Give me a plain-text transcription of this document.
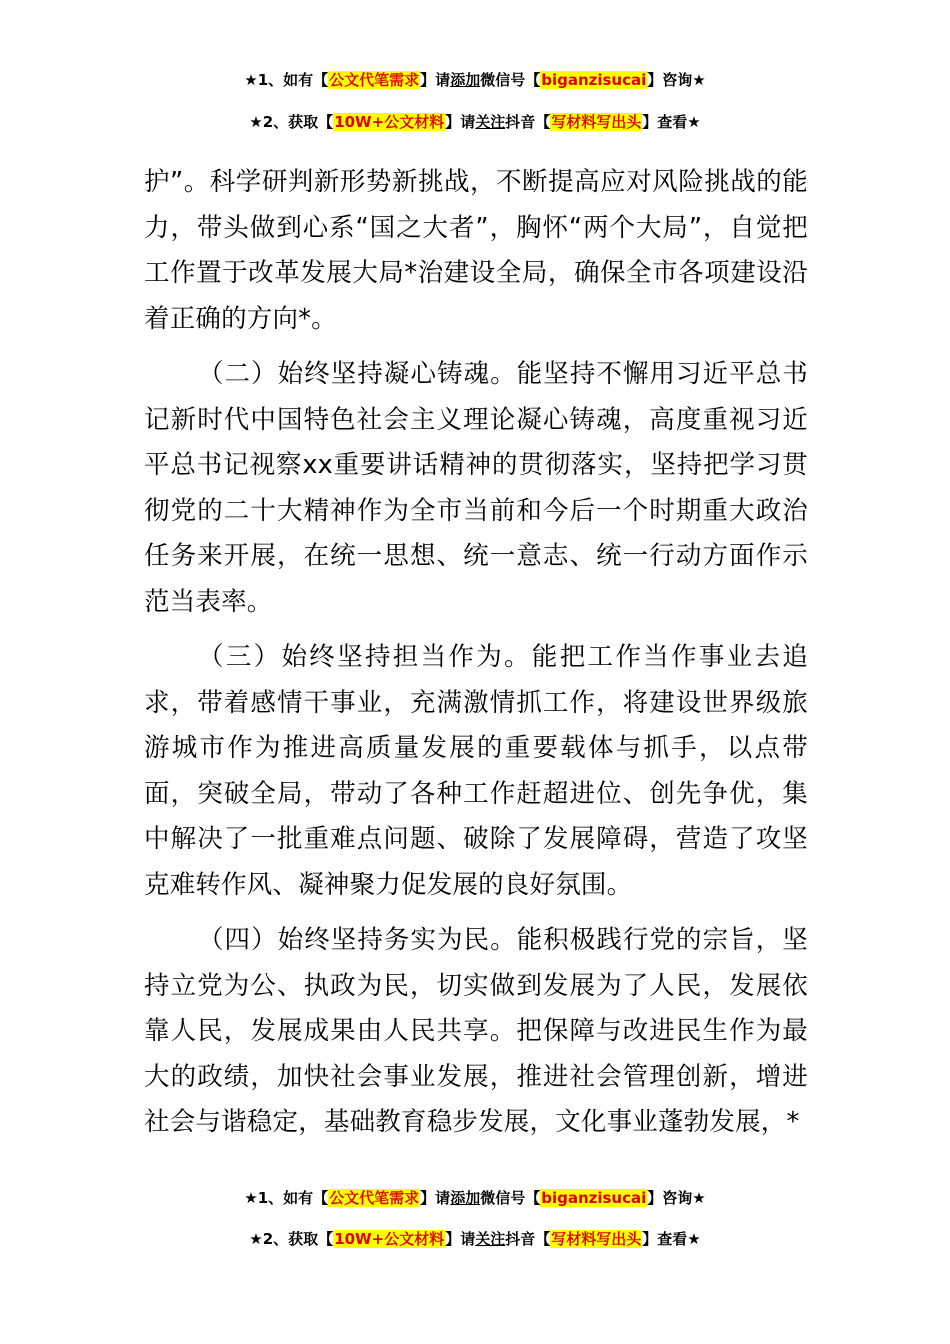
★1、如有【公文代笔需求】请添加微信号【biganzisucai】咨询★
★2、获取【10W+公文材料】请关注抖音【写材料写出头】查看★

护”。科学研判新形势新挑战，不断提高应对风险挑战的能力，带头做到心系“国之大者”，胸怀“两个大局”，自觉把工作置于改革发展大局*治建设全局，确保全市各项建设沿着正确的方向*。

（二）始终坚持凝心铸魂。能坚持不懈用习近平总书记新时代中国特色社会主义理论凝心铸魂，高度重视习近平总书记视察xx重要讲话精神的贯彻落实，坚持把学习贯彻党的二十大精神作为全市当前和今后一个时期重大政治任务来开展，在统一思想、统一意志、统一行动方面作示范当表率。

（三）始终坚持担当作为。能把工作当作事业去追求，带着感情干事业，充满激情抓工作，将建设世界级旅游城市作为推进高质量发展的重要载体与抓手，以点带面，突破全局，带动了各种工作赶超进位、创先争优，集中解决了一批重难点问题、破除了发展障碍，营造了攻坚克难转作风、凝神聚力促发展的良好氛围。

（四）始终坚持务实为民。能积极践行党的宗旨，坚持立党为公、执政为民，切实做到发展为了人民，发展依靠人民，发展成果由人民共享。把保障与改进民生作为最大的政绩，加快社会事业发展，推进社会管理创新，增进社会与谐稳定，基础教育稳步发展，文化事业蓬勃发展，*

★1、如有【公文代笔需求】请添加微信号【biganzisucai】咨询★
★2、获取【10W+公文材料】请关注抖音【写材料写出头】查看★
